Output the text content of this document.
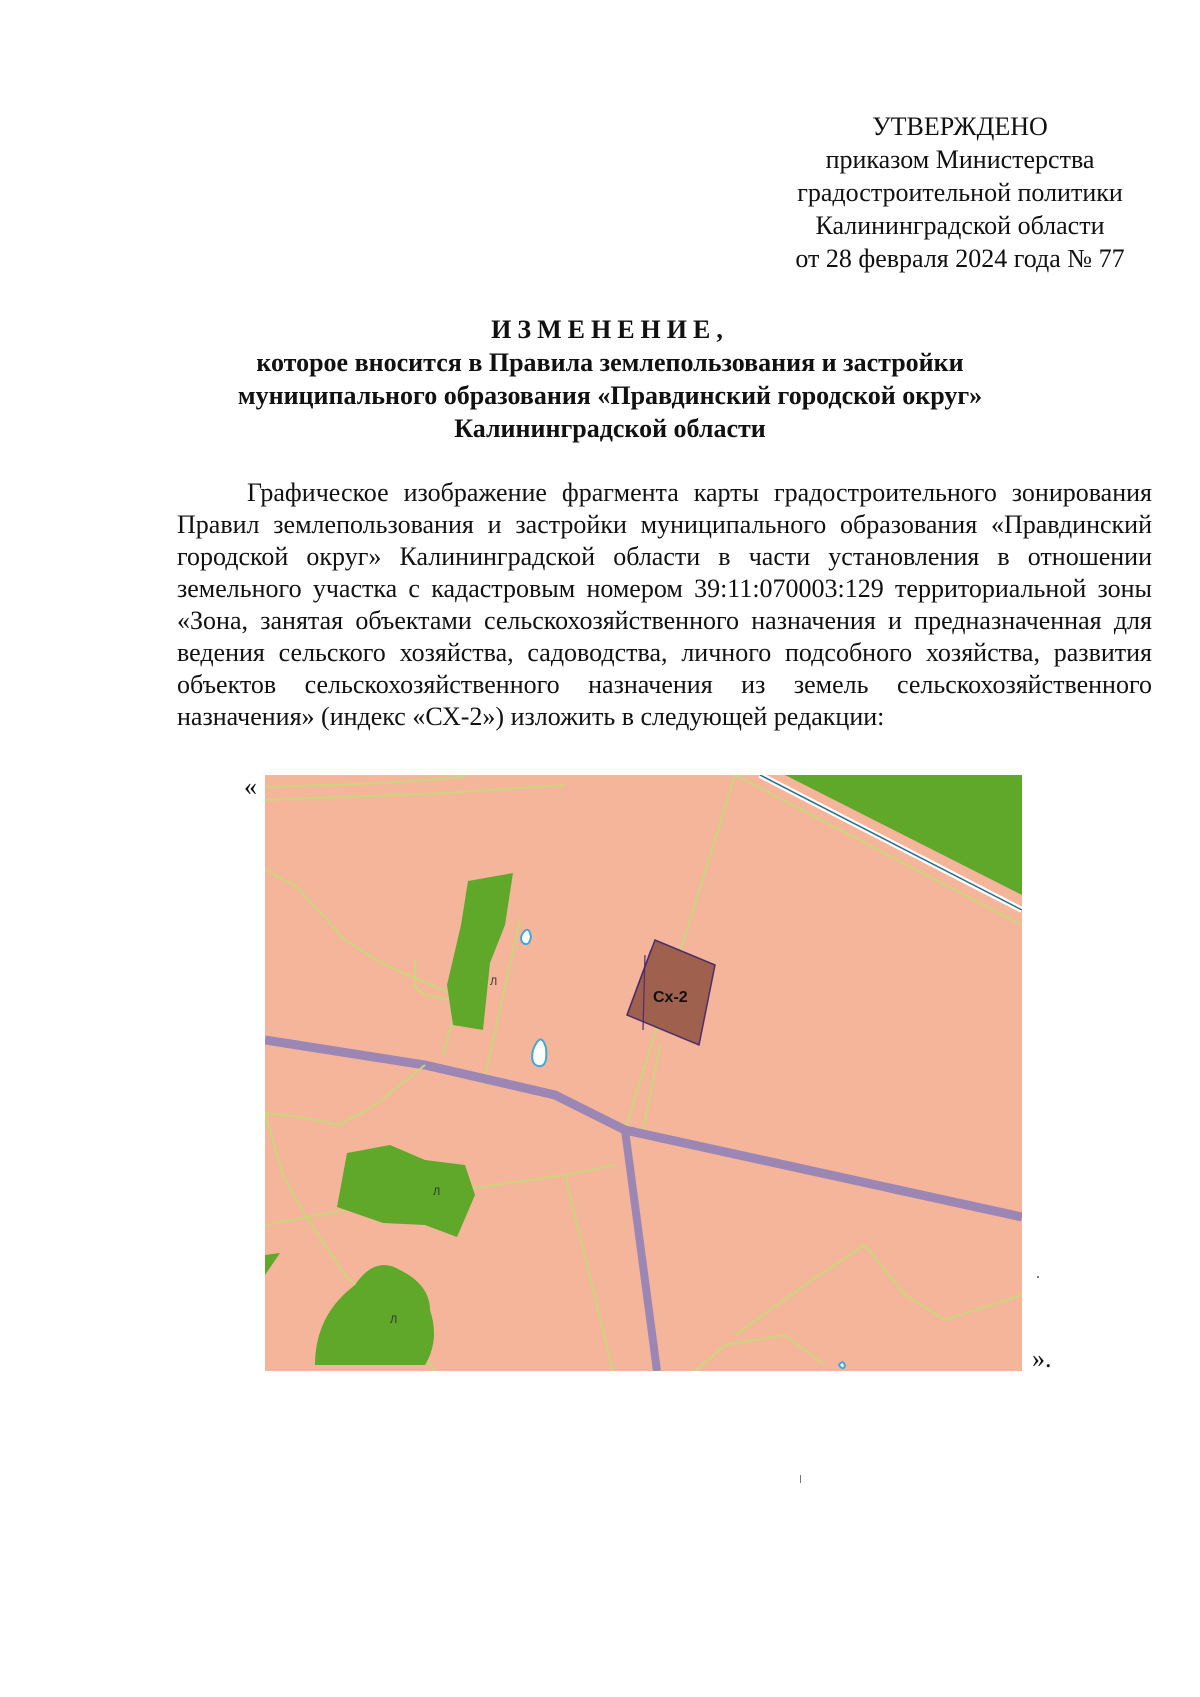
УТВЕРЖДЕНО
приказом Министерства
градостроительной политики
Калининградской области
от 28 февраля 2024 года № 77
ИЗМЕНЕНИЕ,
которое вносится в Правила землепользования и застройки
муниципального образования «Правдинский городской округ»
Калининградской области

Графическое изображение фрагмента карты градостроительного зонирования Правил землепользования и застройки муниципального образования «Правдинский городской округ» Калининградской области в части установления в отношении земельного участка с кадастровым номером 39:11:070003:129 территориальной зоны «Зона, занятая объектами сельскохозяйственного назначения и предназначенная для ведения сельского хозяйства, садоводства, личного подсобного хозяйства, развития объектов сельскохозяйственного назначения из земель сельскохозяйственного назначения» (индекс «СХ-2») изложить в следующей редакции:

«
Л
Л
Л
Cx-2
».
